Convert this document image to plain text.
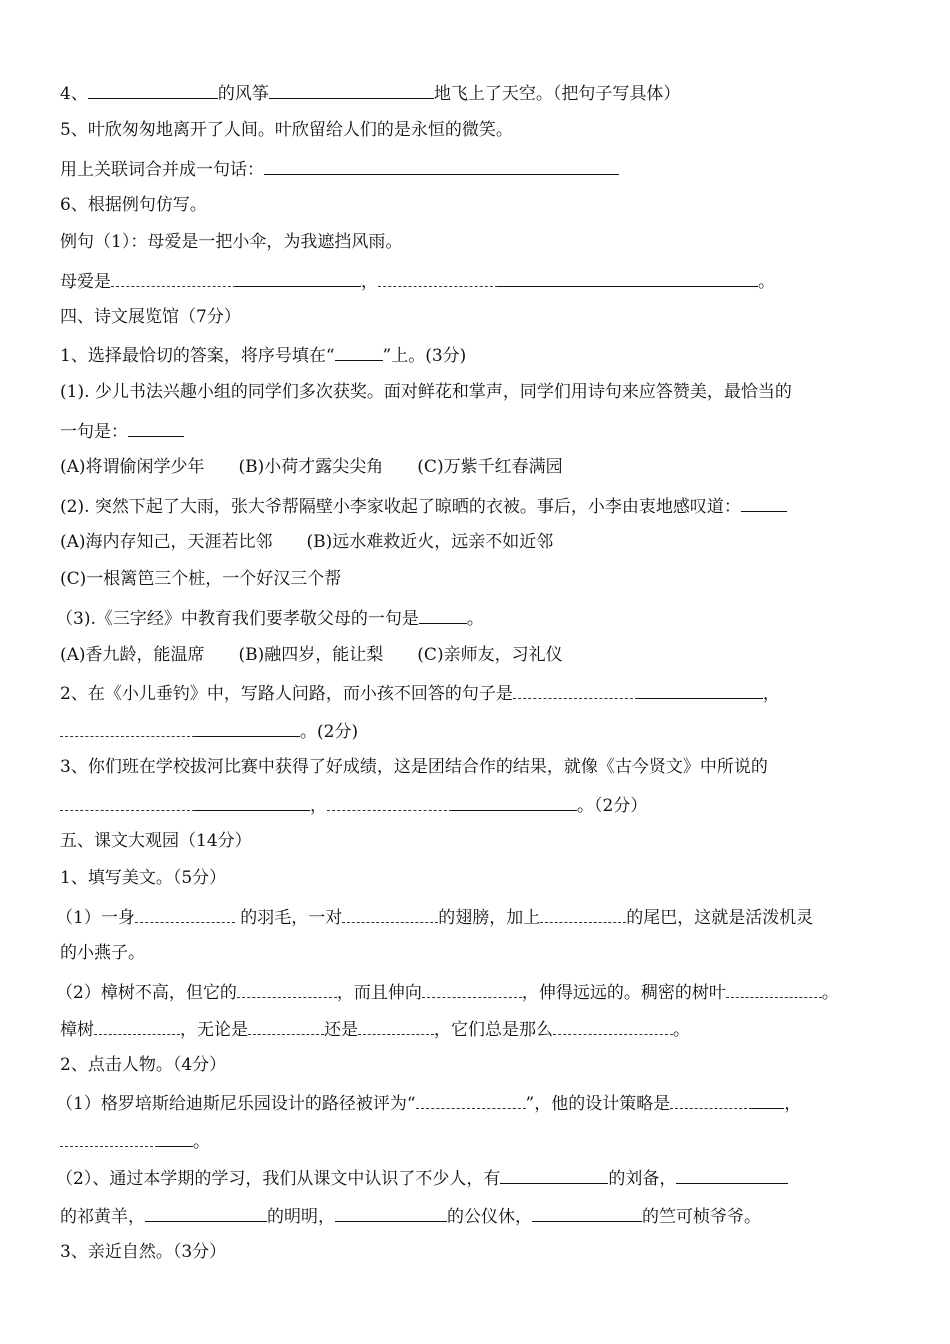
4、	的风筝	地飞上了天空。（把句子写具体）
5、叶欣匆匆地离开了人间。叶欣留给人们的是永恒的微笑。
用上关联词合并成一句话：
6、根据例句仿写。
例句（1）：母爱是一把小伞，为我遮挡风雨。
母爱是	，	。
四、诗文展览馆（7分）
1、选择最恰切的答案，将序号填在“	”上。(3分)
(1). 少儿书法兴趣小组的同学们多次获奖。面对鲜花和掌声，同学们用诗句来应答赞美，最恰当的
一句是：
(A)将谓偷闲学少年　　(B)小荷才露尖尖角　　(C)万紫千红春满园
(2). 突然下起了大雨，张大爷帮隔壁小李家收起了晾晒的衣被。事后，小李由衷地感叹道：
(A)海内存知己，天涯若比邻　　(B)远水难救近火，远亲不如近邻
(C)一根篱笆三个桩，一个好汉三个帮
（3).《三字经》中教育我们要孝敬父母的一句是	。
(A)香九龄，能温席　　(B)融四岁，能让梨　　(C)亲师友，习礼仪
2、在《小儿垂钓》中，写路人问路，而小孩不回答的句子是	，
。(2分)
3、你们班在学校拔河比赛中获得了好成绩，这是团结合作的结果，就像《古今贤文》中所说的
，	。（2分）
五、课文大观园（14分）
1、填写美文。（5分）
（1）一身	的羽毛，一对	的翅膀，加上	的尾巴，这就是活泼机灵
的小燕子。
（2）樟树不高，但它的	，而且伸向	，伸得远远的。稠密的树叶	。
樟树	，无论是	还是	，它们总是那么	。
2、点击人物。（4分）
（1）格罗培斯给迪斯尼乐园设计的路径被评为“	”，他的设计策略是	，
。
（2）、通过本学期的学习，我们从课文中认识了不少人，有	的刘备，
的祁黄羊，	的明明，	的公仪休，	的竺可桢爷爷。
3、亲近自然。（3分）
